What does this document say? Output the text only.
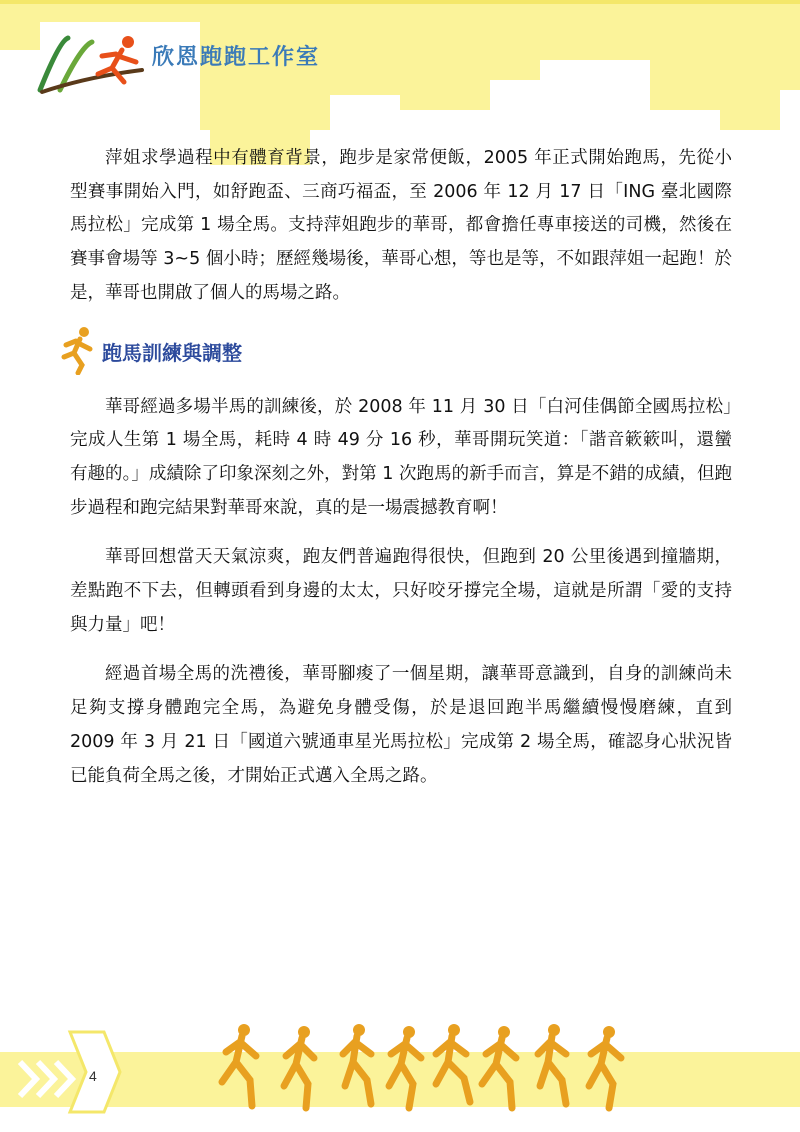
欣恩跑跑工作室

萍姐求學過程中有體育背景，跑步是家常便飯，2005 年正式開始跑馬，先從小型賽事開始入門，如舒跑盃、三商巧福盃，至 2006 年 12 月 17 日「ING 臺北國際馬拉松」完成第 1 場全馬。支持萍姐跑步的華哥，都會擔任專車接送的司機，然後在賽事會場等 3~5 個小時；歷經幾場後，華哥心想，等也是等，不如跟萍姐一起跑！於是，華哥也開啟了個人的馬場之路。

跑馬訓練與調整

華哥經過多場半馬的訓練後，於 2008 年 11 月 30 日「白河佳偶節全國馬拉松」完成人生第 1 場全馬，耗時 4 時 49 分 16 秒，華哥開玩笑道：「諧音簌簌叫，還蠻有趣的。」成績除了印象深刻之外，對第 1 次跑馬的新手而言，算是不錯的成績，但跑步過程和跑完結果對華哥來說，真的是一場震撼教育啊！

華哥回想當天天氣涼爽，跑友們普遍跑得很快，但跑到 20 公里後遇到撞牆期，差點跑不下去，但轉頭看到身邊的太太，只好咬牙撐完全場，這就是所謂「愛的支持與力量」吧！

經過首場全馬的洗禮後，華哥腳痠了一個星期，讓華哥意識到，自身的訓練尚未足夠支撐身體跑完全馬，為避免身體受傷，於是退回跑半馬繼續慢慢磨練，直到 2009 年 3 月 21 日「國道六號通車星光馬拉松」完成第 2 場全馬，確認身心狀況皆已能負荷全馬之後，才開始正式邁入全馬之路。

4
